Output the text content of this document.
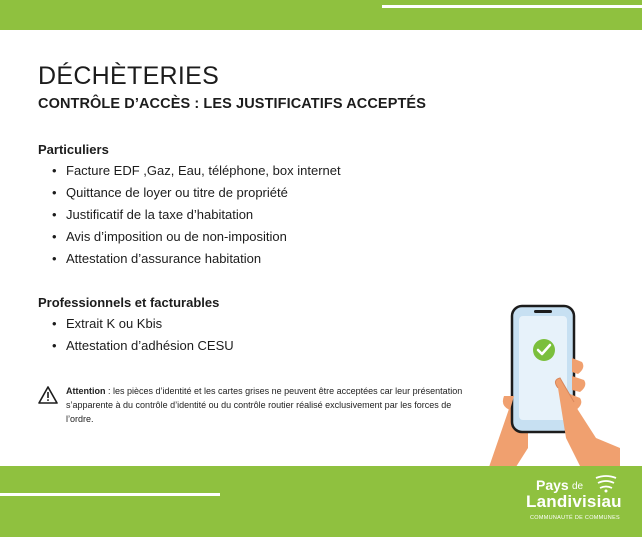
DÉCHÈTERIES
CONTRÔLE D’ACCÈS : LES JUSTIFICATIFS ACCEPTÉS
Particuliers
• Facture EDF ,Gaz, Eau, téléphone, box internet
• Quittance de loyer ou titre de propriété
• Justificatif de la taxe d’habitation
• Avis d’imposition ou de non-imposition
• Attestation d’assurance habitation
Professionnels et facturables
• Extrait K ou Kbis
• Attestation d’adhésion CESU
Attention : les pièces d’identité et les cartes grises ne peuvent être acceptées car leur présentation s’apparente à du contrôle d’identité ou du contrôle routier réalisé exclusivement par les forces de l’ordre.
Pays de
Landivisiau
COMMUNAUTÉ DE COMMUNES
